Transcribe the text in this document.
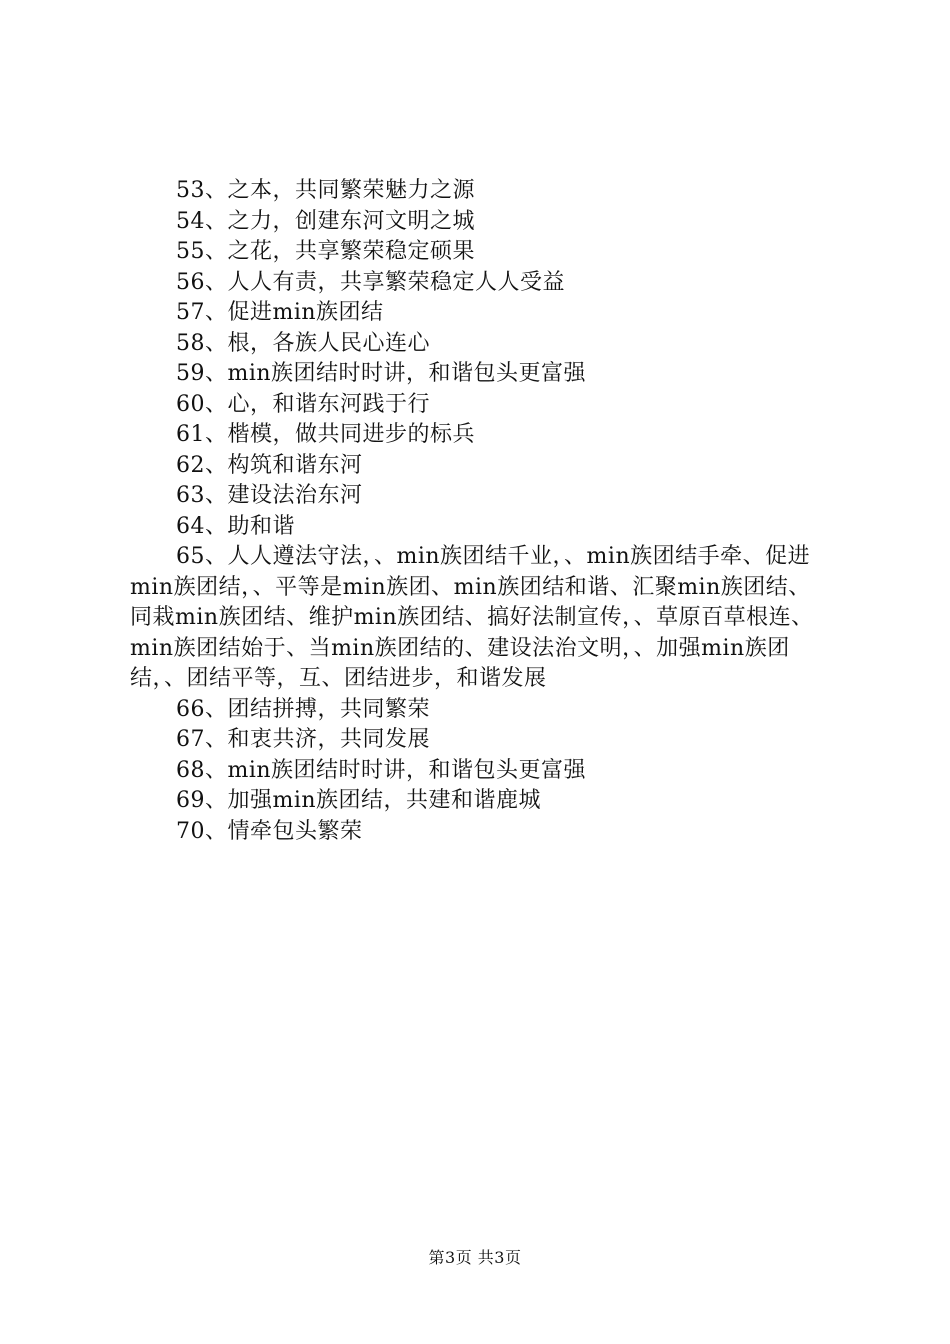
53、之本，共同繁荣魅力之源

54、之力，创建东河文明之城

55、之花，共享繁荣稳定硕果

56、人人有责，共享繁荣稳定人人受益

57、促进min族团结

58、根，各族人民心连心

59、min族团结时时讲，和谐包头更富强

60、心，和谐东河践于行

61、楷模，做共同进步的标兵

62、构筑和谐东河

63、建设法治东河

64、助和谐

65、人人遵法守法，、min族团结千业，、min族团结手牵、促进min族团结，、平等是min族团、min族团结和谐、汇聚min族团结、同栽min族团结、维护min族团结、搞好法制宣传，、草原百草根连、min族团结始于、当min族团结的、建设法治文明，、加强min族团结，、团结平等，互、团结进步，和谐发展

66、团结拼搏，共同繁荣

67、和衷共济，共同发展

68、min族团结时时讲，和谐包头更富强

69、加强min族团结，共建和谐鹿城

70、情牵包头繁荣

第3页 共3页
